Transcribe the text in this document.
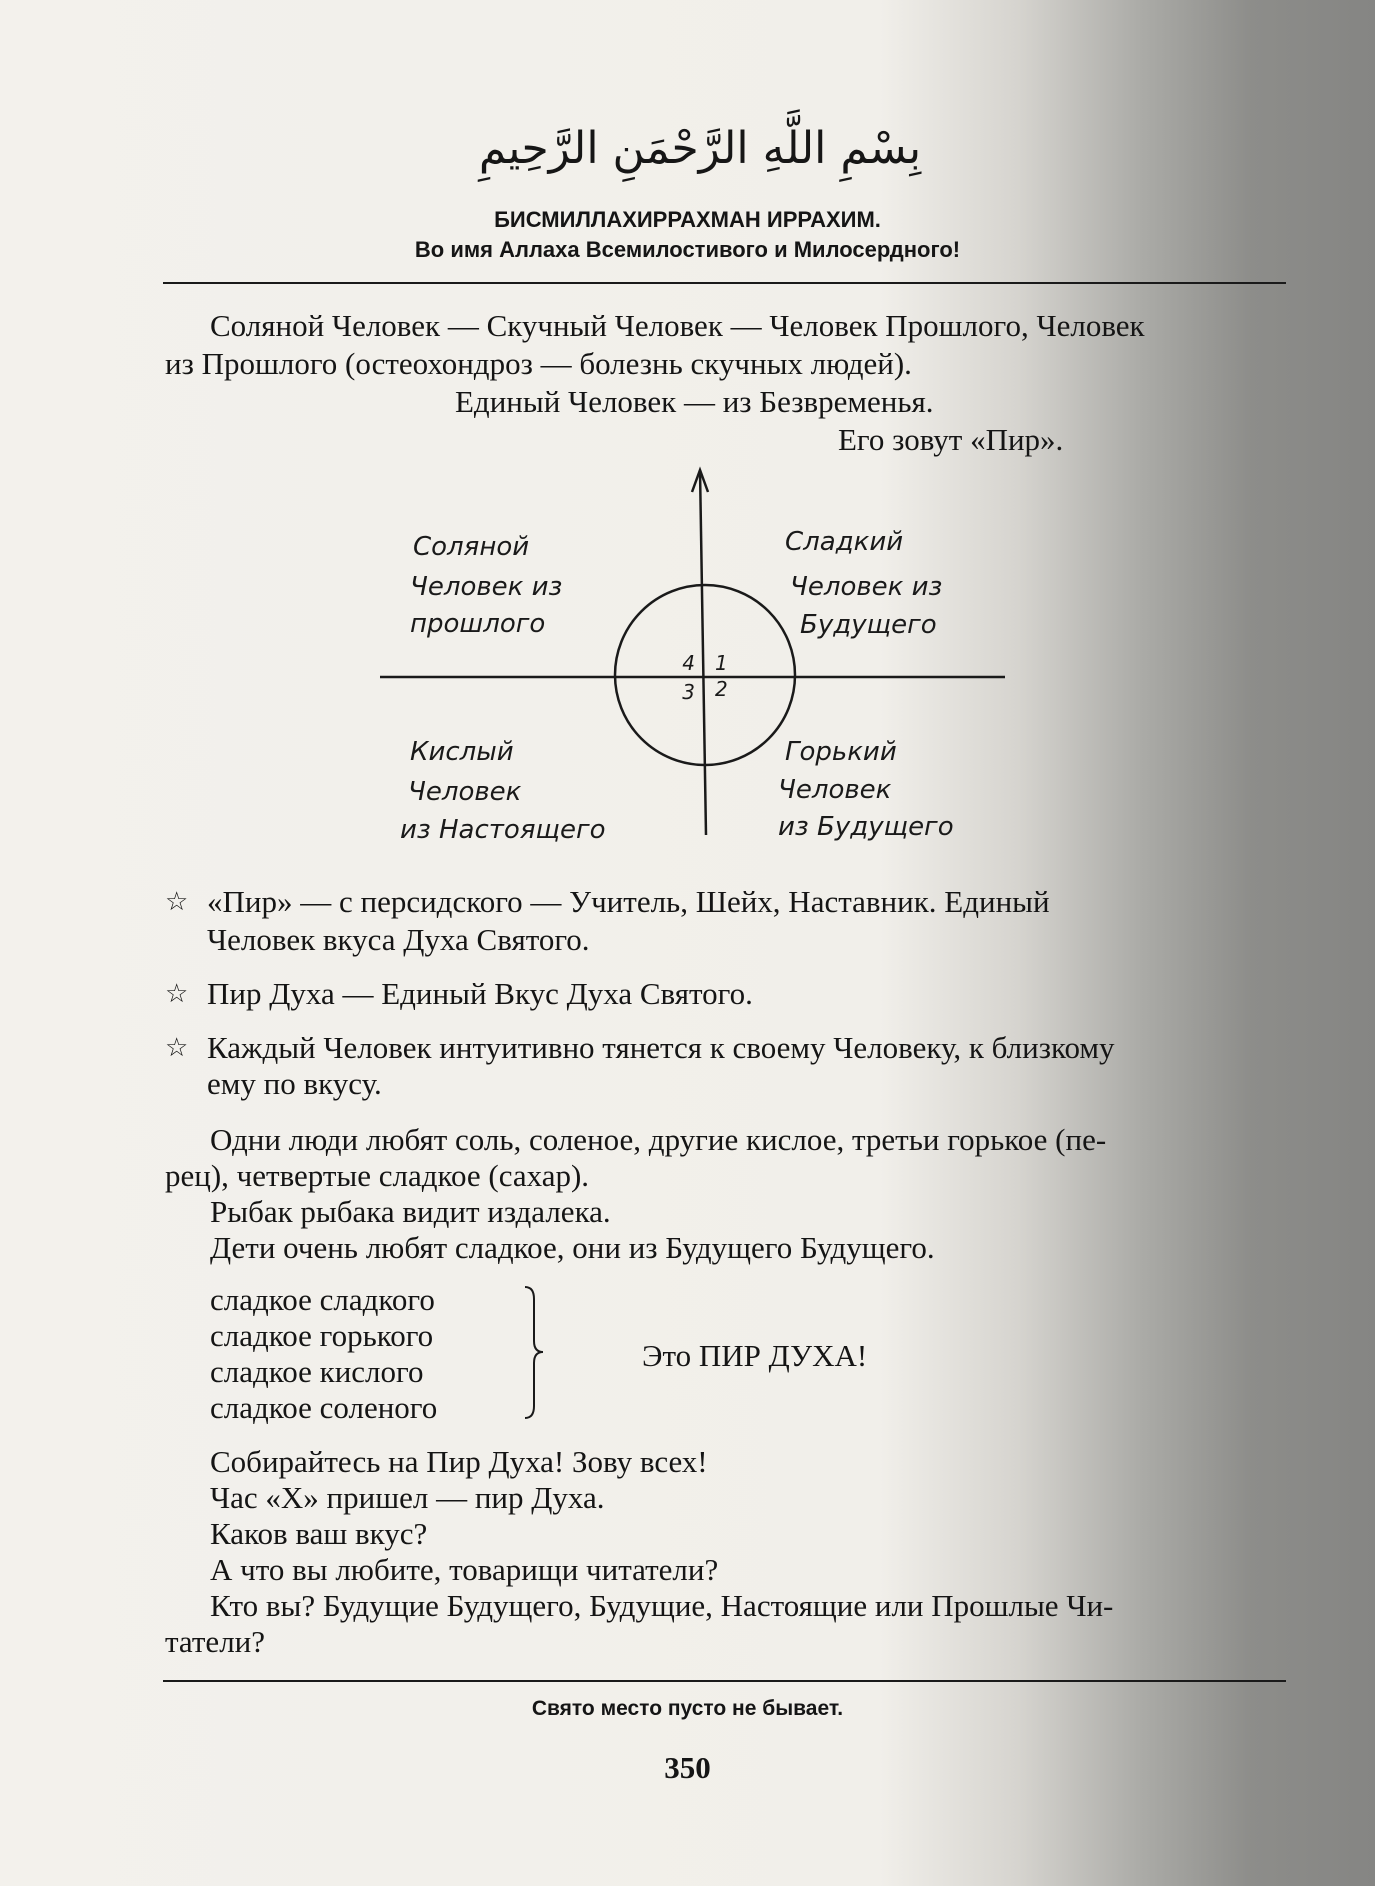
بِسْمِ اللَّهِ الرَّحْمَنِ الرَّحِيمِ
БИСМИЛЛАХИРРАХМАН ИРРАХИМ.
Во имя Аллаха Всемилостивого и Милосердного!
Соляной Человек — Скучный Человек — Человек Прошлого, Человек
из Прошлого (остеохондроз — болезнь скучных людей).
Единый Человек — из Безвременья.
Его зовут «Пир».
4 1
3 2
Соляной
Человек из
прошлого
Сладкий
Человек из
Будущего
Кислый
Человек
из Настоящего
Горький
Человек
из Будущего
☆ «Пир» — с персидского — Учитель, Шейх, Наставник. Единый
Человек вкуса Духа Святого.
☆ Пир Духа — Единый Вкус Духа Святого.
☆ Каждый Человек интуитивно тянется к своему Человеку, к близкому
ему по вкусу.
Одни люди любят соль, соленое, другие кислое, третьи горькое (пе-
рец), четвертые сладкое (сахар).
Рыбак рыбака видит издалека.
Дети очень любят сладкое, они из Будущего Будущего.
сладкое сладкого
сладкое горького
сладкое кислого
сладкое соленого
Это ПИР ДУХА!
Собирайтесь на Пир Духа! Зову всех!
Час «Х» пришел — пир Духа.
Каков ваш вкус?
А что вы любите, товарищи читатели?
Кто вы? Будущие Будущего, Будущие, Настоящие или Прошлые Чи-
татели?
Свято место пусто не бывает.
350
